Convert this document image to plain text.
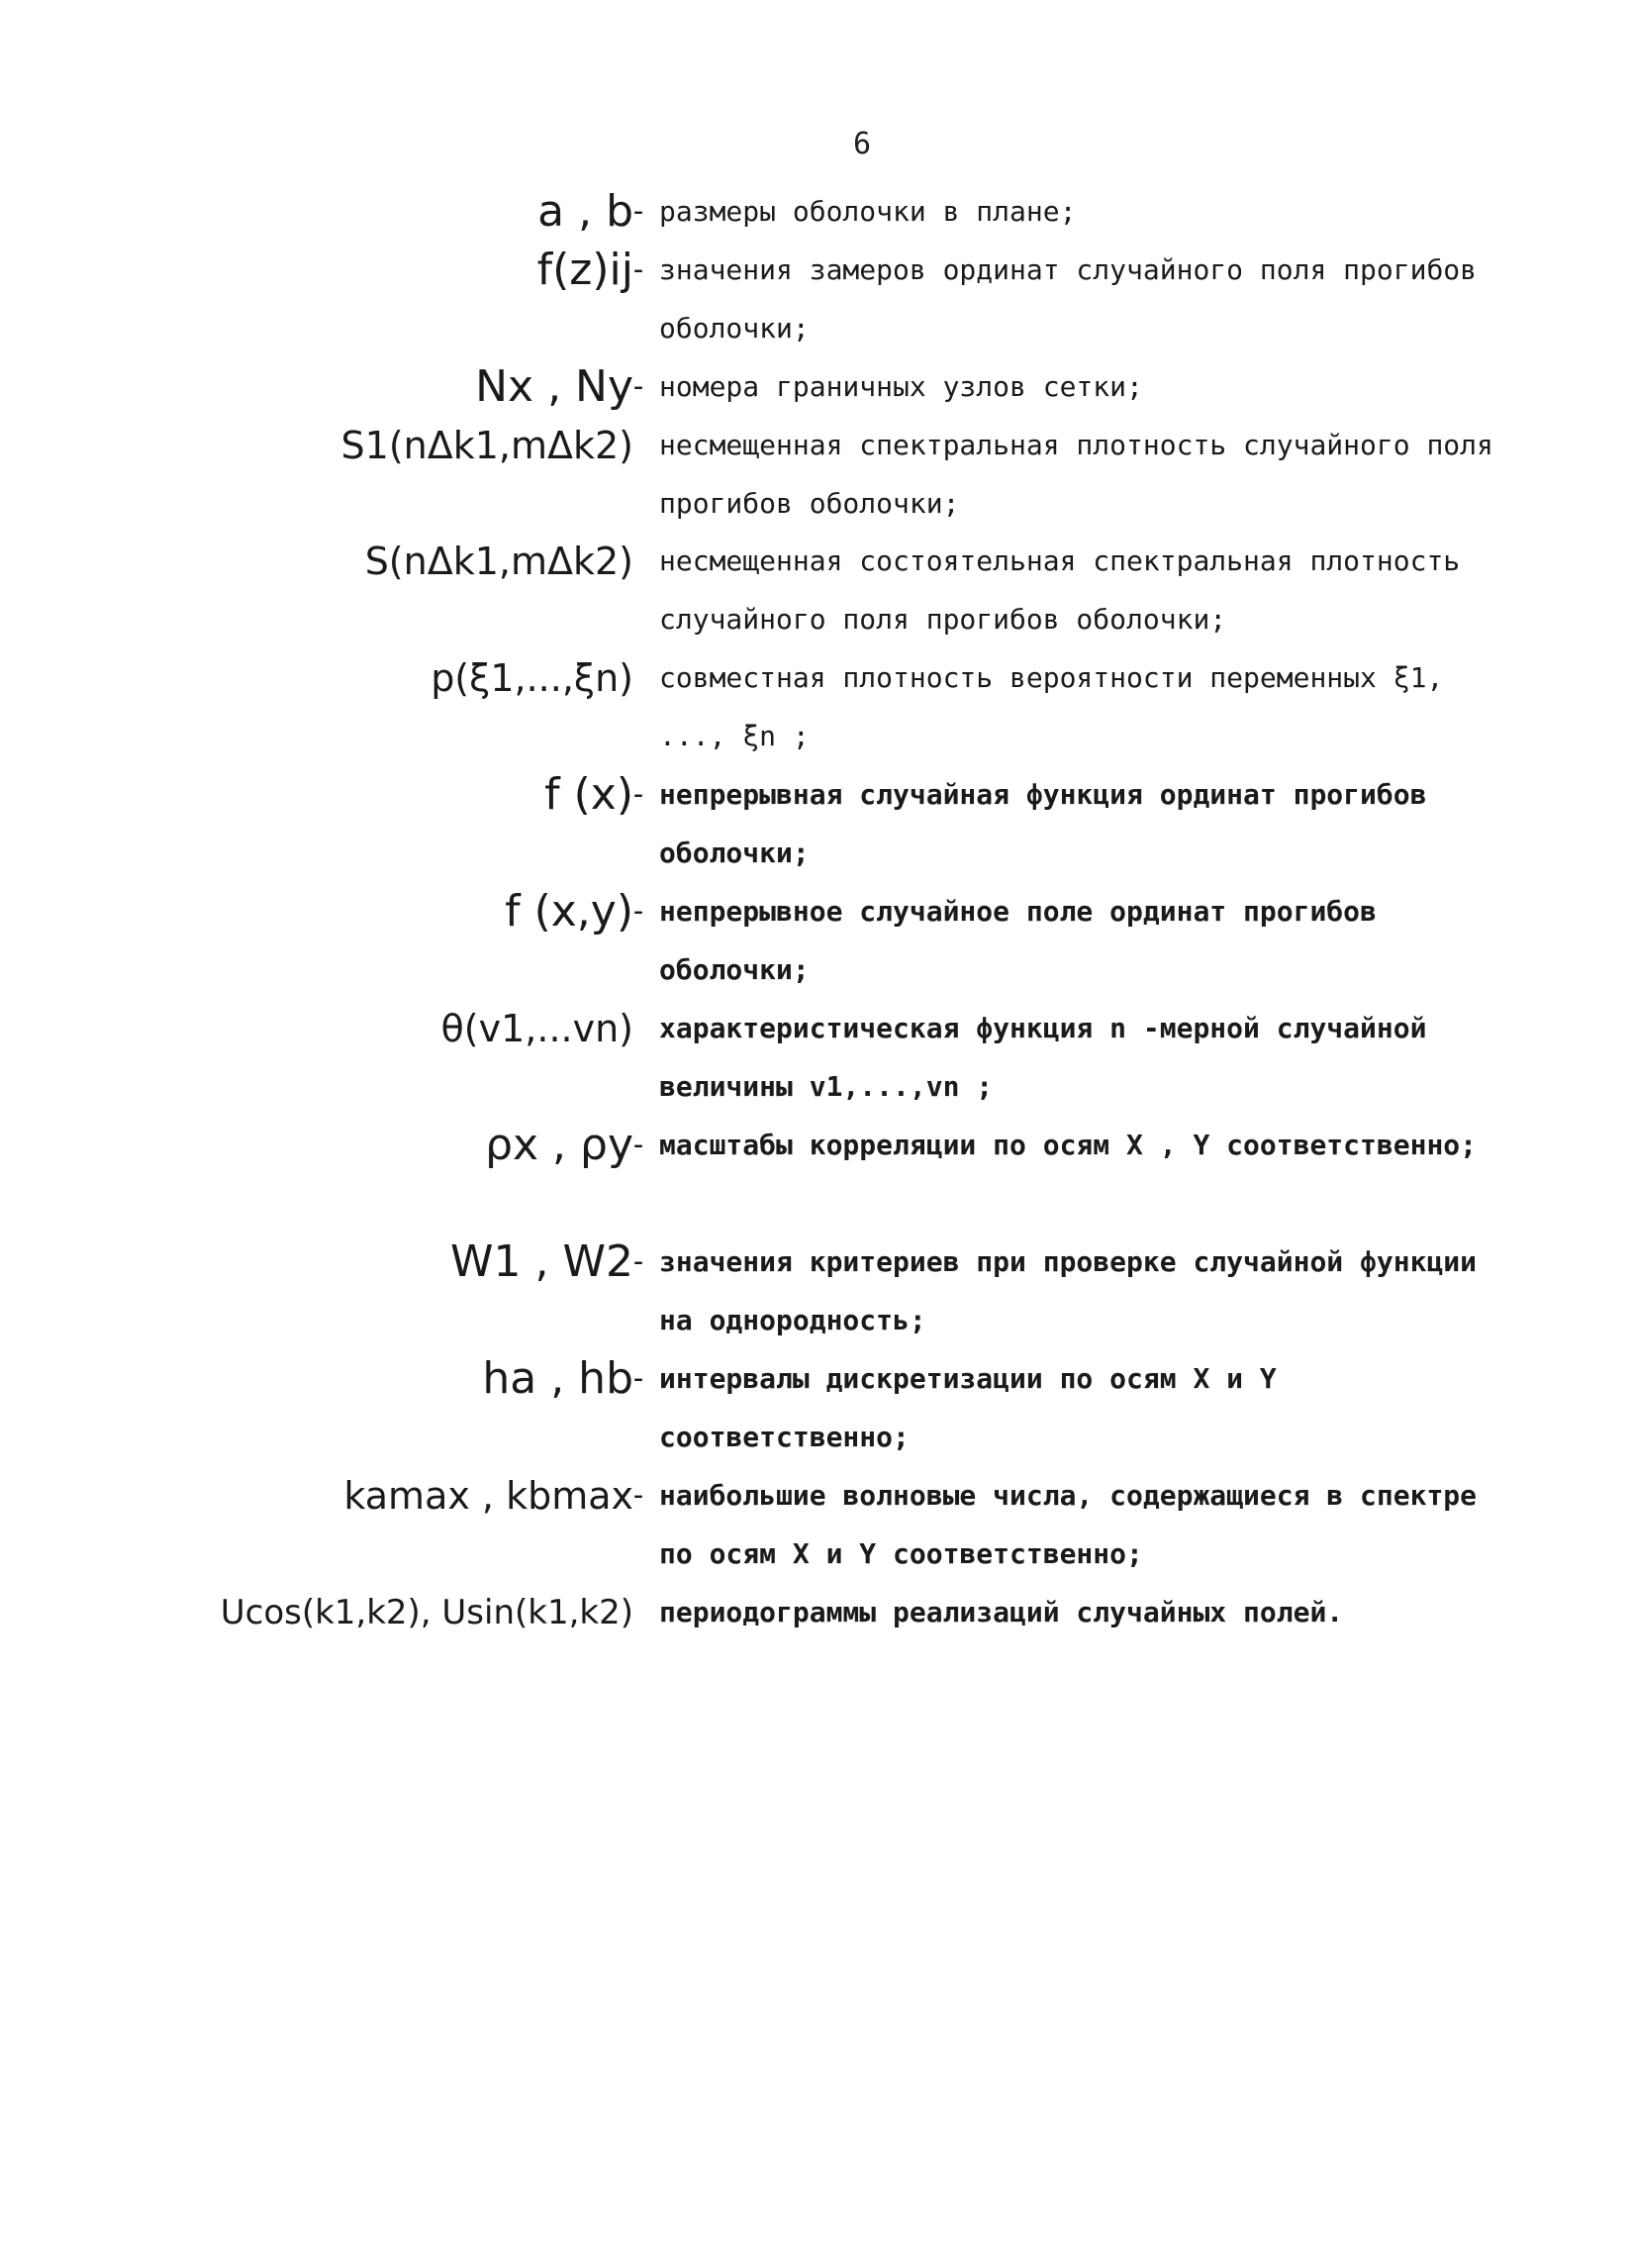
6
a , b
- размеры оболочки в плане;
f(z)ij
- значения замеров ординат случайного поля прогибов оболочки;
Nx , Ny
- номера граничных узлов сетки;
S1(nΔk1,mΔk2) несмещенная спектральная плотность случайного поля прогибов оболочки;
S(nΔk1,mΔk2) несмещенная состоятельная спектральная плотность случайного поля прогибов оболочки;
p(ξ1,...,ξn) совместная плотность вероятности переменных ξ1, ..., ξn ;
f (x)
- непрерывная случайная функция ординат прогибов оболочки;
f (x,y)
- непрерывное случайное поле ординат прогибов оболочки;
θ(v1,...vn) характеристическая функция n -мерной случайной величины v1,...,vn ;
ρx , ρy
- масштабы корреляции по осям X , Y соответственно;
W1 , W2
- значения критериев при проверке случайной функции на однородность;
ha , hb
- интервалы дискретизации по осям X и Y соответственно;
kamax , kbmax
- наибольшие волновые числа, содержащиеся в спектре по осям X и Y соответственно;
Ucos(k1,k2), Usin(k1,k2) периодограммы реализаций случайных полей.
